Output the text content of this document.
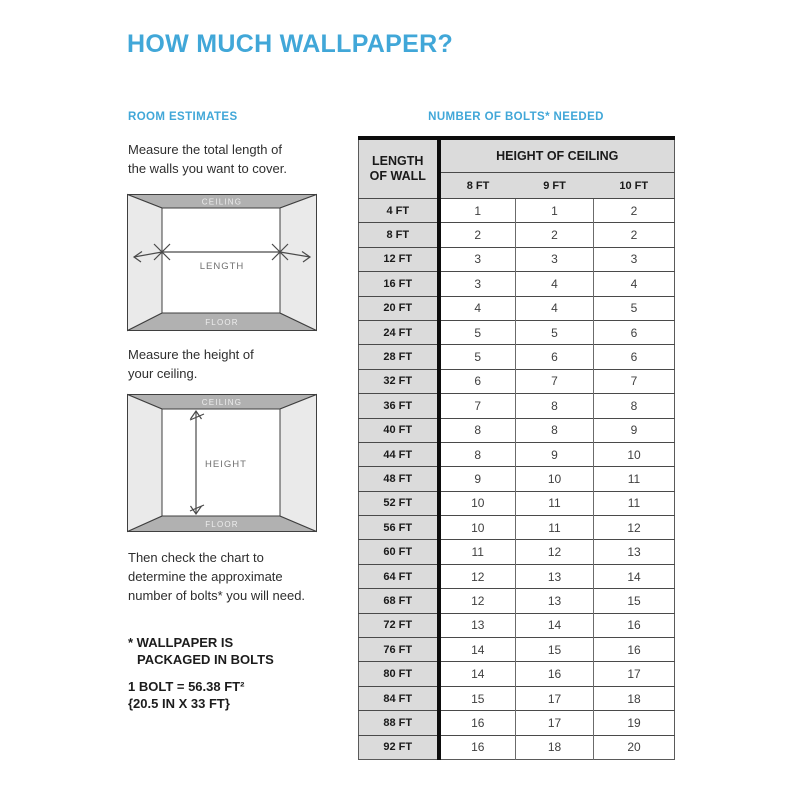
HOW MUCH WALLPAPER?
ROOM ESTIMATES	NUMBER OF BOLTS* NEEDED
Measure the total length of
the walls you want to cover.
CEILING
FLOOR
LENGTH
Measure the height of
your ceiling.
CEILING
FLOOR
HEIGHT
Then check the chart to
determine the approximate
number of bolts* you will need.
* WALLPAPER IS
PACKAGED IN BOLTS
1 BOLT = 56.38 FT²
{20.5 IN X 33 FT}
LENGTH
OF WALL	HEIGHT OF CEILING		
	8 FT	9 FT	10 FT
4 FT	1	1	2
8 FT	2	2	2
12 FT	3	3	3
16 FT	3	4	4
20 FT	4	4	5
24 FT	5	5	6
28 FT	5	6	6
32 FT	6	7	7
36 FT	7	8	8
40 FT	8	8	9
44 FT	8	9	10
48 FT	9	10	11
52 FT	10	11	11
56 FT	10	11	12
60 FT	11	12	13
64 FT	12	13	14
68 FT	12	13	15
72 FT	13	14	16
76 FT	14	15	16
80 FT	14	16	17
84 FT	15	17	18
88 FT	16	17	19
92 FT	16	18	20
